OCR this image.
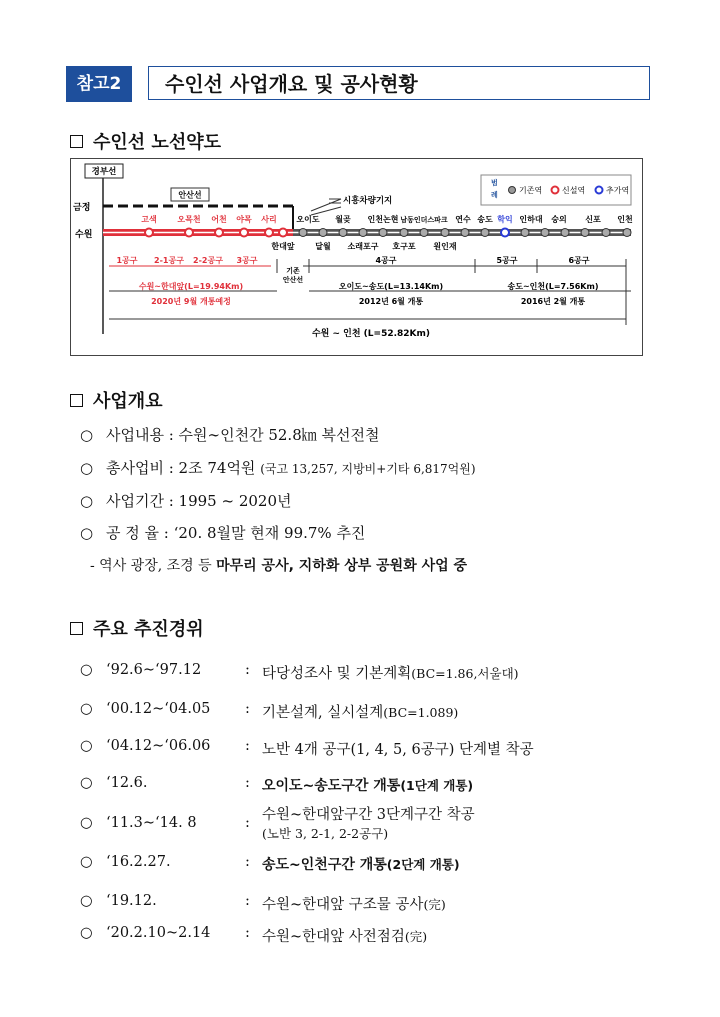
참고2	수인선 사업개요 및 공사현황
수인선 노선약도
경부선
금정
수원
안산선
시흥차량기지
범
례	기존역 신설역	추가역
고색	오목천 어천 야목 사리 오이도 월곶 인천논현 남동인더스파크 연수 송도 학익 인하대 숭의 신포 인천
한대앞	달월 소래포구 호구포 원인재
1공구 2-1공구 2-2공구 3공구	4공구	5공구	6공구
기존
안산선
수원~한대앞(L=19.94Km)
2020년 9월 개통예정
오이도~송도(L=13.14Km)
2012년 6월 개통
송도~인천(L=7.56Km)
2016년 2월 개통
수원 ~ 인천 (L=52.82Km)
사업개요
○ 사업내용 : 수원∼인천간 52.8㎞ 복선전철
○ 총사업비 : 2조 74억원 (국고 13,257, 지방비+기타 6,817억원)
○ 사업기간 : 1995 ~ 2020년
○ 공 정 율 : ‘20. 8월말 현재 99.7% 추진
- 역사 광장, 조경 등 마무리 공사, 지하화 상부 공원화 사업 중
주요 추진경위
○ ‘92.6∼‘97.12	: 타당성조사 및 기본계획(BC=1.86,서울대)
○ ‘00.12∼‘04.05 : 기본설계, 실시설계(BC=1.089)
○ ‘04.12∼‘06.06 : 노반 4개 공구(1, 4, 5, 6공구) 단계별 착공
○ ‘12.6.	: 오이도∼송도구간 개통(1단계 개통)
○ ‘11.3∼‘14. 8	: 수원~한대앞구간 3단계구간 착공
(노반 3, 2-1, 2-2공구)
○ ‘16.2.27.	: 송도~인천구간 개통(2단계 개통)
○ ‘19.12.	: 수원~한대앞 구조물 공사(完)
○ ‘20.2.10~2.14 : 수원~한대앞 사전점검(完)
